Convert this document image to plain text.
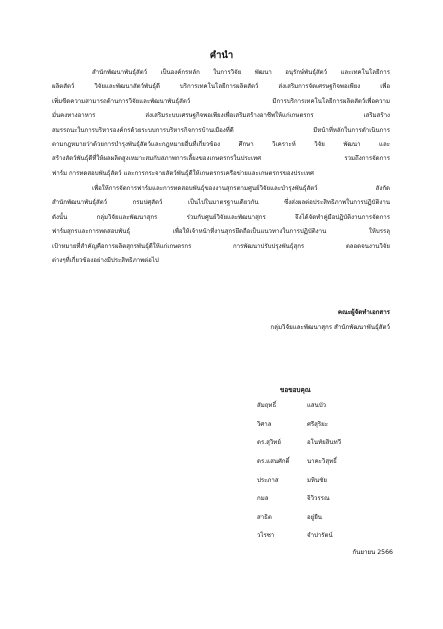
คำนำ
สำนักพัฒนาพันธุ์สัตว์ เป็นองค์กรหลัก ในการวิจัย พัฒนา อนุรักษ์พันธุ์สัตว์ และเทคโนโลยีการ
ผลิตสัตว์ วิจัยและพัฒนาสัตว์พันธุ์ดี บริการเทคโนโลยีการผลิตสัตว์ ส่งเสริมการจัดเศรษฐกิจพอเพียง เพื่อ
เพิ่มขีดความสามารถด้านการวิจัยและพัฒนาพันธุ์สัตว์ มีการบริการเทคโนโลยีการผลิตสัตว์เพื่อความ
มั่นคงทางอาหาร ส่งเสริมระบบเศรษฐกิจพอเพียงเพื่อเสริมสร้างอาชีพให้แก่เกษตรกร เสริมสร้าง
สมรรถนะในการบริหารองค์กรด้วยระบบการบริหารกิจการบ้านเมืองที่ดี มีหน้าที่หลักในการดำเนินการ
ตามกฎหมายว่าด้วยการบำรุงพันธุ์สัตว์และกฎหมายอื่นที่เกี่ยวข้อง ศึกษา วิเคราะห์ วิจัย พัฒนา และ
สร้างสัตว์พันธุ์ดีที่ให้ผลผลิตสูงเหมาะสมกับสภาพการเลี้ยงของเกษตรกรในประเทศ รวมถึงการจัดการ
ฟาร์ม การทดสอบพันธุ์สัตว์ และการกระจายสัตว์พันธุ์ดีให้เกษตรกรเครือข่ายและเกษตรกรของประเทศ
เพื่อให้การจัดการฟาร์มและการทดสอบพันธุ์ของงานสุกรตามศูนย์วิจัยและบำรุงพันธุ์สัตว์ สังกัด
สำนักพัฒนาพันธุ์สัตว์ กรมปศุสัตว์ เป็นไปในมาตรฐานเดียวกัน ซึ่งส่งผลต่อประสิทธิภาพในการปฏิบัติงาน
ดังนั้น กลุ่มวิจัยและพัฒนาสุกร ร่วมกับศูนย์วิจัยและพัฒนาสุกร จึงได้จัดทำคู่มือปฏิบัติงานการจัดการ
ฟาร์มสุกรและการทดสอบพันธุ์ เพื่อให้เจ้าหน้าที่งานสุกรยึดถือเป็นแนวทางในการปฏิบัติงาน ให้บรรลุ
เป้าหมายที่สำคัญคือการผลิตสุกรพันธุ์ดีให้แก่เกษตรกร การพัฒนาปรับปรุงพันธุ์สุกร ตลอดจนงานวิจัย
ต่างๆที่เกี่ยวข้องอย่างมีประสิทธิภาพต่อไป
คณะผู้จัดทำเอกสาร
กลุ่มวิจัยและพัฒนาสุกร สำนักพัฒนาพันธุ์สัตว์
ขอขอบคุณ
สัมฤทธิ์	แสนบัว
วิศาล	ศรีสุริยะ
ดร.สุวิทย์	อโนทัยสินทวี
ดร.แสนศักดิ์	นาคะวิสุทธิ์
ประภาส	มหินชัย
กมล	จิวิวรรณ
สาธิต	อยู่ยืน
วไรซา	จำปารัตน์
กันยายน 2566
